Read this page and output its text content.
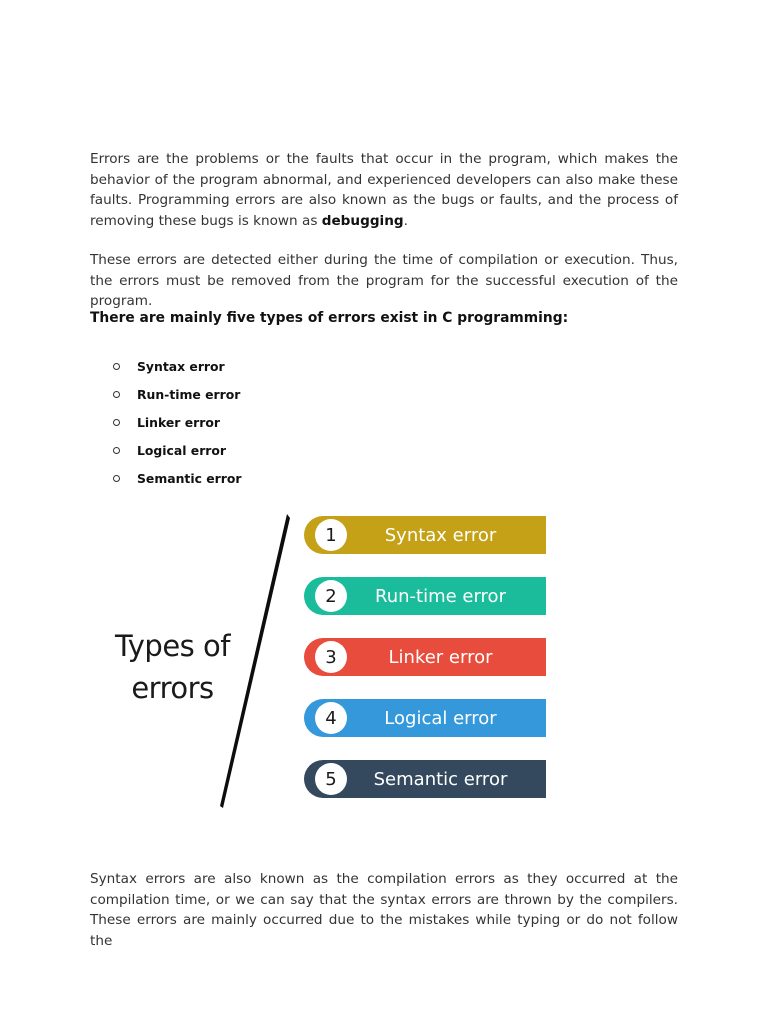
Errors are the problems or the faults that occur in the program, which makes the behavior of the program abnormal, and experienced developers can also make these faults. Programming errors are also known as the bugs or faults, and the process of removing these bugs is known as debugging.

These errors are detected either during the time of compilation or execution. Thus, the errors must be removed from the program for the successful execution of the program.

There are mainly five types of errors exist in C programming:

Syntax error
Run-time error
Linker error
Logical error
Semantic error
Types of
errors
1	Syntax error
2	Run-time error
3	Linker error
4	Logical error
5	Semantic error

Syntax errors are also known as the compilation errors as they occurred at the compilation time, or we can say that the syntax errors are thrown by the compilers. These errors are mainly occurred due to the mistakes while typing or do not follow the
